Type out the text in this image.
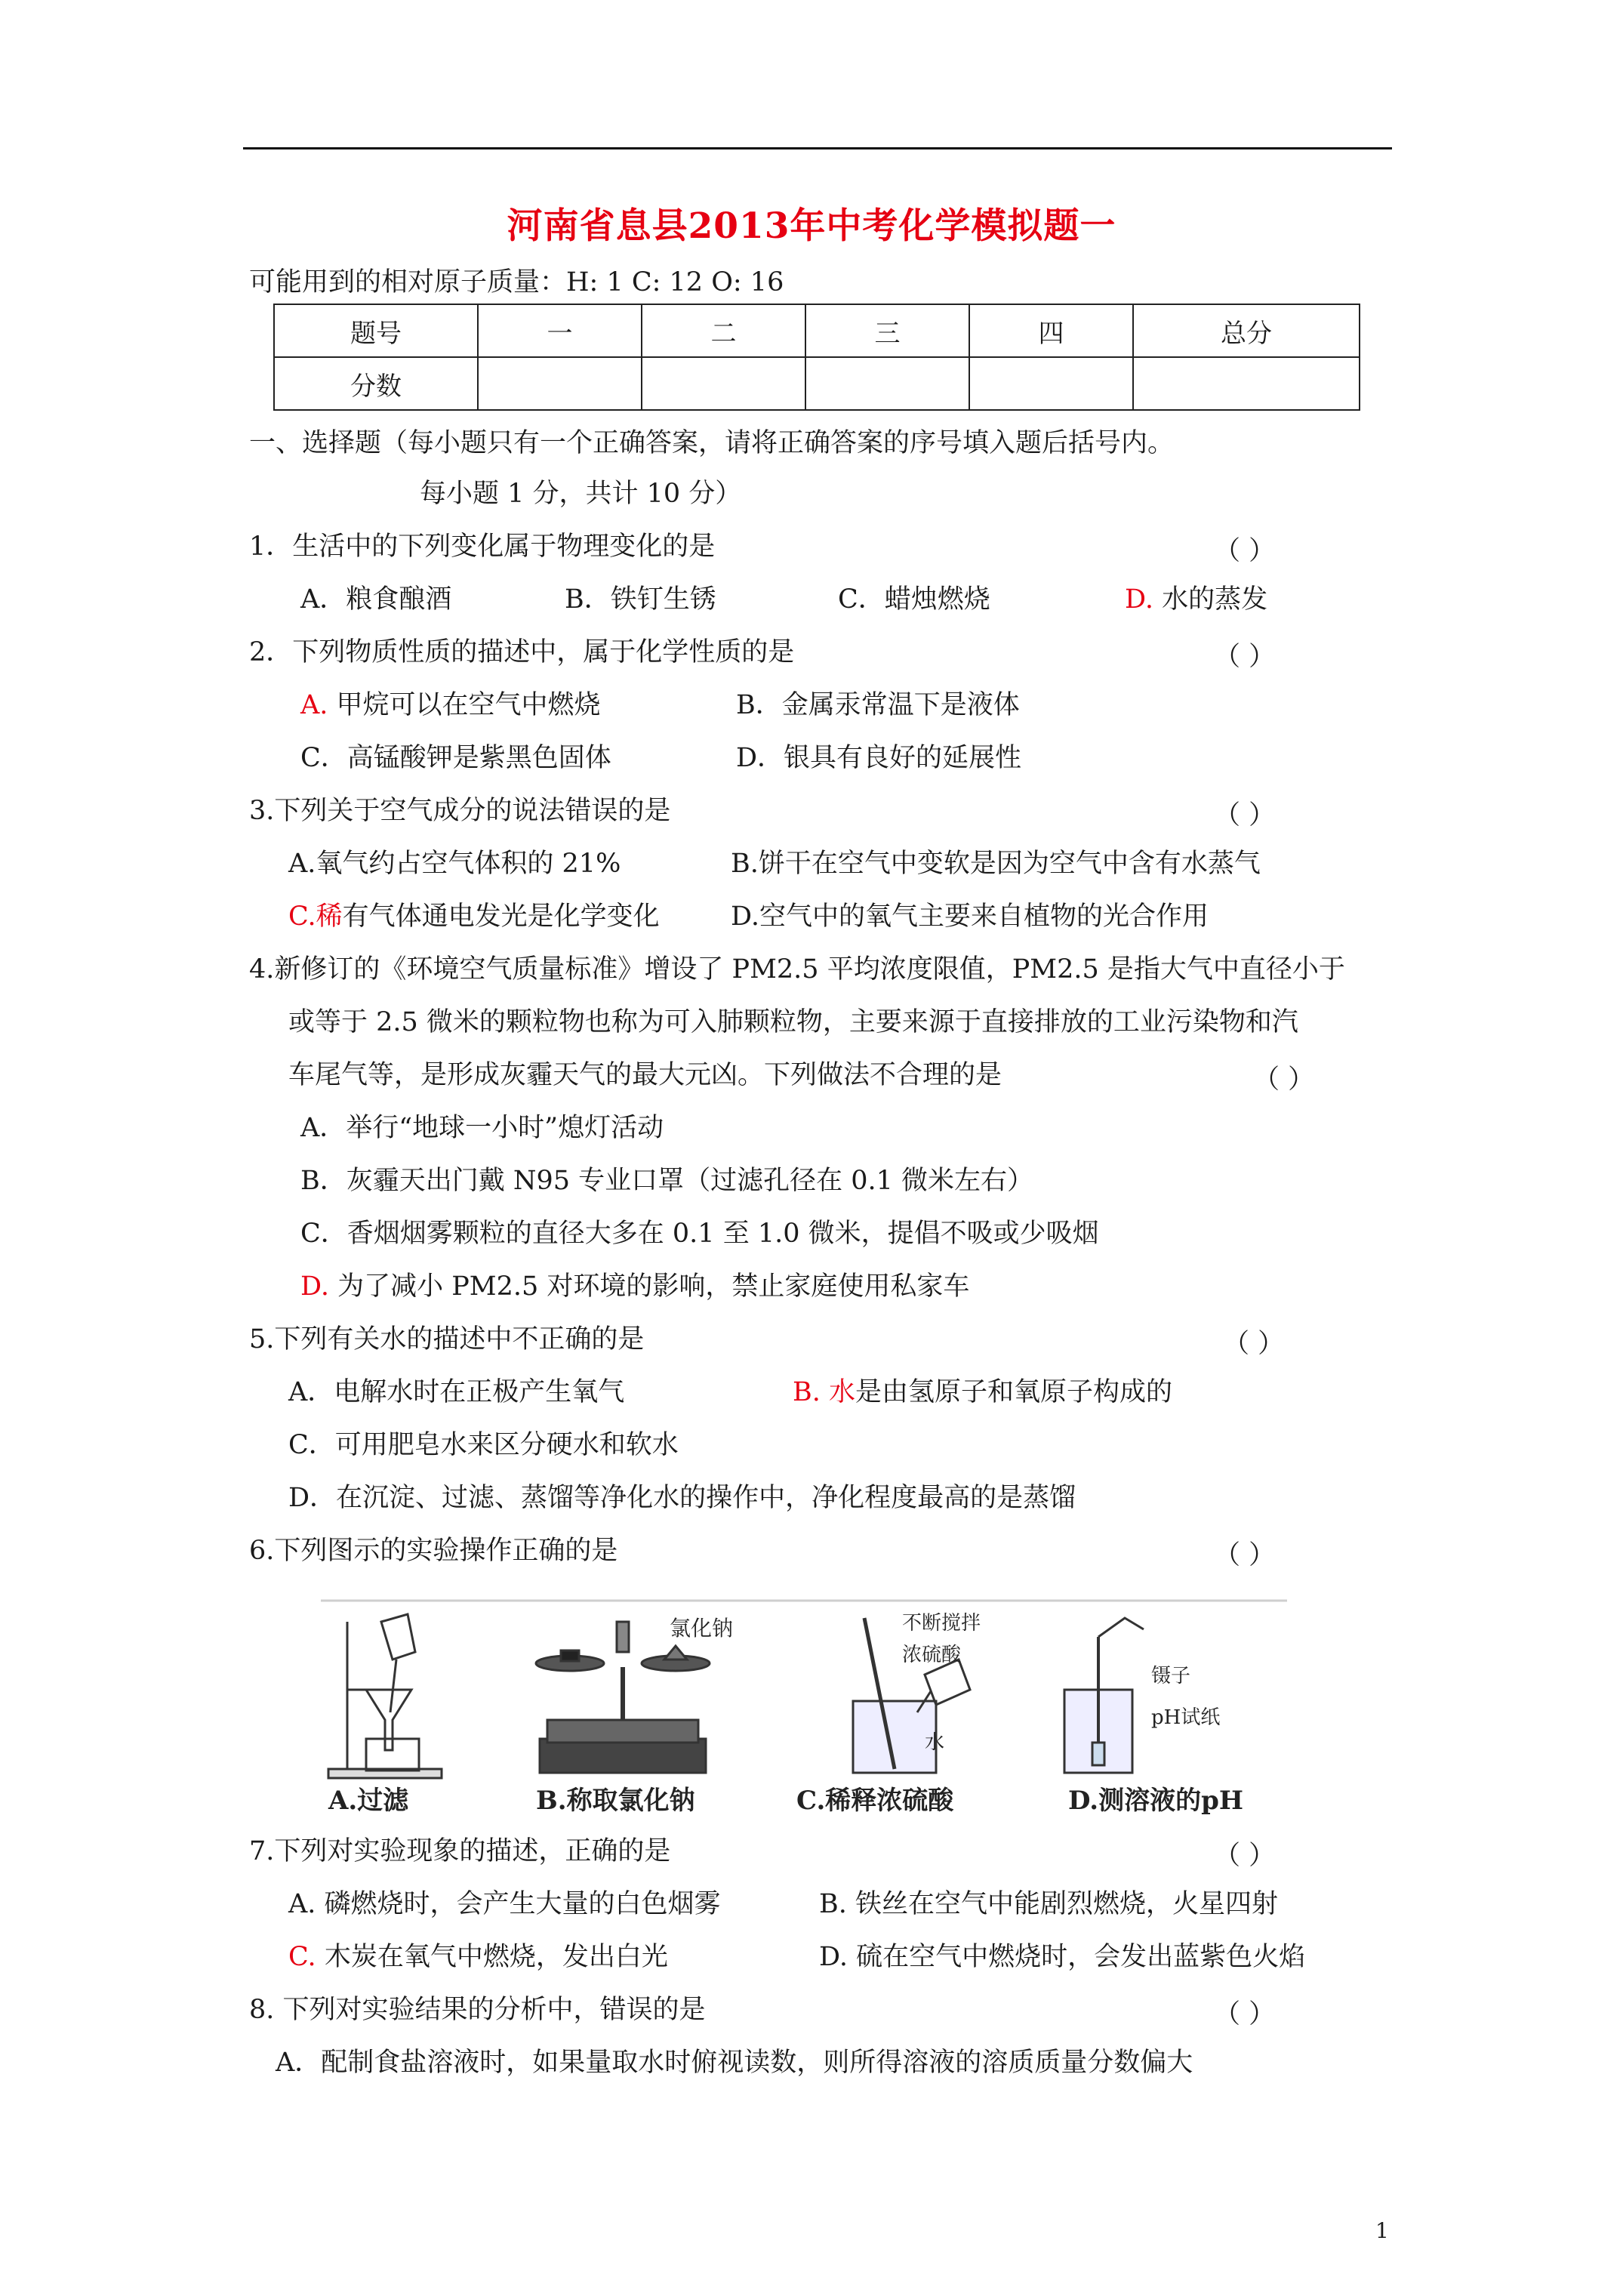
河南省息县2013年中考化学模拟题一
可能用到的相对原子质量：H: 1 C: 12 O: 16
题号	一	二	三	四	总分
分数					
一、选择题（每小题只有一个正确答案，请将正确答案的序号填入题后括号内。
每小题 1 分，共计 10 分）
1．生活中的下列变化属于物理变化的是	（ ）
A．粮食酿酒	B．铁钉生锈	C．蜡烛燃烧	D. 水的蒸发
2．下列物质性质的描述中，属于化学性质的是	（ ）
A. 甲烷可以在空气中燃烧	B．金属汞常温下是液体
C．高锰酸钾是紫黑色固体	D．银具有良好的延展性
3.下列关于空气成分的说法错误的是	（ ）
A.氧气约占空气体积的 21%	B.饼干在空气中变软是因为空气中含有水蒸气
C.稀有气体通电发光是化学变化	D.空气中的氧气主要来自植物的光合作用
4.新修订的《环境空气质量标准》增设了 PM2.5 平均浓度限值，PM2.5 是指大气中直径小于
或等于 2.5 微米的颗粒物也称为可入肺颗粒物，主要来源于直接排放的工业污染物和汽
车尾气等，是形成灰霾天气的最大元凶。下列做法不合理的是	（ ）
A．举行“地球一小时”熄灯活动
B．灰霾天出门戴 N95 专业口罩（过滤孔径在 0.1 微米左右）
C．香烟烟雾颗粒的直径大多在 0.1 至 1.0 微米，提倡不吸或少吸烟
D. 为了减小 PM2.5 对环境的影响，禁止家庭使用私家车
5.下列有关水的描述中不正确的是	（ ）
A．电解水时在正极产生氧气	B. 水是由氢原子和氧原子构成的
C．可用肥皂水来区分硬水和软水
D．在沉淀、过滤、蒸馏等净化水的操作中，净化程度最高的是蒸馏
6.下列图示的实验操作正确的是	（ ）
氯化钠	不断搅拌
浓硫酸
水
镊子
pH试纸
A.过滤	B.称取氯化钠	C.稀释浓硫酸	D.测溶液的pH
7.下列对实验现象的描述，正确的是	（ ）
A. 磷燃烧时，会产生大量的白色烟雾	B. 铁丝在空气中能剧烈燃烧，火星四射
C. 木炭在氧气中燃烧，发出白光	D. 硫在空气中燃烧时，会发出蓝紫色火焰
8. 下列对实验结果的分析中，错误的是	（ ）
A．配制食盐溶液时，如果量取水时俯视读数，则所得溶液的溶质质量分数偏大
1
